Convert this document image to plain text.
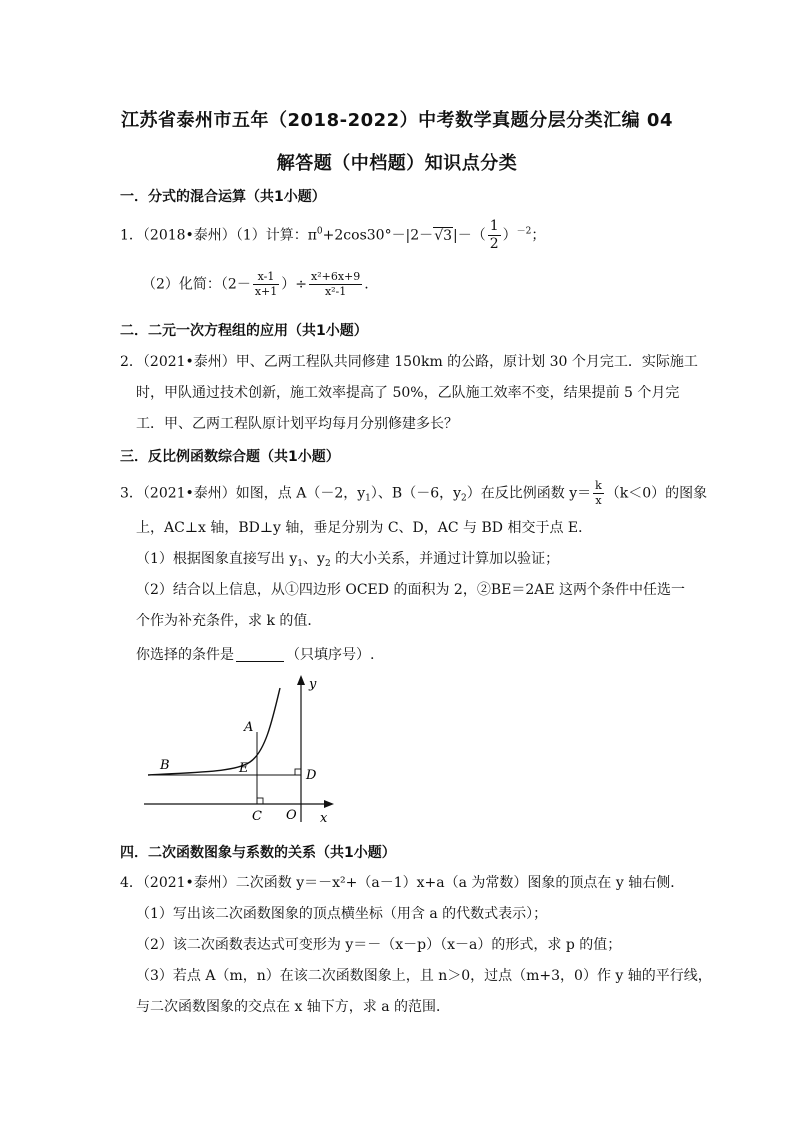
江苏省泰州市五年（2018-2022）中考数学真题分层分类汇编 04
解答题（中档题）知识点分类
一．分式的混合运算（共1小题）
1．（2018•泰州）（1）计算：$\pi^0+2\cos 30^\circ-|2-√3|-( \frac{1}{2} )^{-2}$；
（2）化简：（$2- \frac{x-1}{x+1}$ ）÷ $\frac{\text{x²+6x+9}}{\text{x²-1}}$ .
二．二元一次方程组的应用（共1小题）
2．（2021•泰州）甲、乙两工程队共同修建 150km 的公路，原计划 30 个月完工．实际施工
时，甲队通过技术创新，施工效率提高了 50%，乙队施工效率不变，结果提前 5 个月完
工．甲、乙两工程队原计划平均每月分别修建多长？
三．反比例函数综合题（共1小题）
3．（2021•泰州）如图，点 A（－2，$y_1$）、B（－6，$y_2$）在反比例函数 $y= \frac{k}{x} (k<0)$的图象
上，AC⊥x 轴，BD⊥y 轴，垂足分别为 C、D，AC 与 BD 相交于点 E．
（1）根据图象直接写出 $y_1$、$y_2$ 的大小关系，并通过计算加以验证；
（2）结合以上信息，从①四边形 OCED 的面积为 2，②BE＝2AE 这两个条件中任选一
个作为补充条件，求 k 的值．
你选择的条件是	（只填序号）.
A
B
C
D
E
O x
y
四．二次函数图象与系数的关系（共1小题）
4．（2021•泰州）二次函数 y＝－x²+（a－1）x+a（a 为常数）图象的顶点在 y 轴右侧．
（1）写出该二次函数图象的顶点横坐标（用含 a 的代数式表示）；
（2）该二次函数表达式可变形为 y＝－（x－p）（x－a）的形式，求 p 的值；
（3）若点 A（m，n）在该二次函数图象上，且 n＞0，过点（m+3，0）作 y 轴的平行线，
与二次函数图象的交点在 x 轴下方，求 a 的范围．
